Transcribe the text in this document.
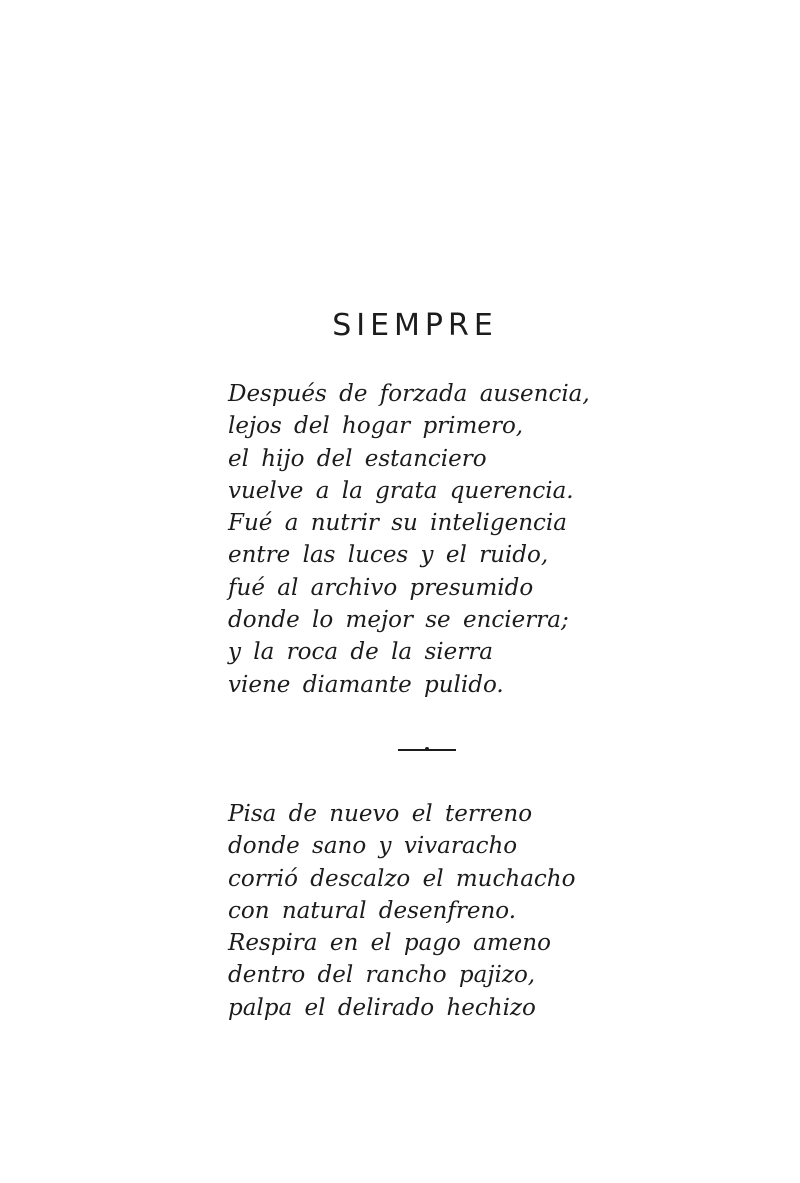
SIEMPRE
Después de forzada ausencia,
lejos del hogar primero,
el hijo del estanciero
vuelve a la grata querencia.
Fué a nutrir su inteligencia
entre las luces y el ruido,
fué al archivo presumido
donde lo mejor se encierra;
y la roca de la sierra
viene diamante pulido.
Pisa de nuevo el terreno
donde sano y vivaracho
corrió descalzo el muchacho
con natural desenfreno.
Respira en el pago ameno
dentro del rancho pajizo,
palpa el delirado hechizo
